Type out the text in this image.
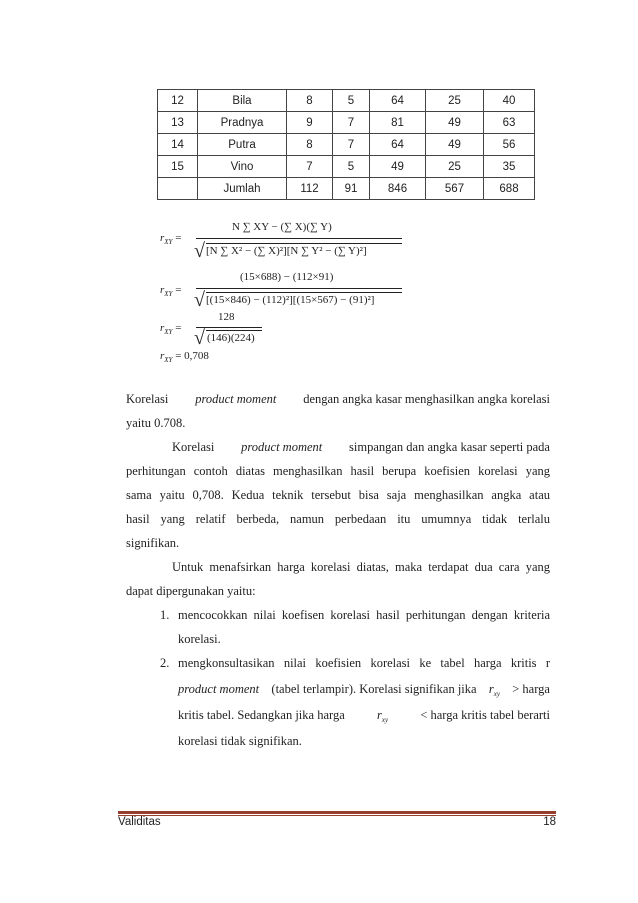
12	Bila	8	5	64	25	40
13	Pradnya	9	7	81	49	63
14	Putra	8	7	64	49	56
15	Vino	7	5	49	25	35
	Jumlah	112	91	846	567	688
$r_{XY}$ =
N ∑ XY − (∑ X)(∑ Y)
√ [N ∑ X² − (∑ X)²][N ∑ Y² − (∑ Y)²]
$r_{XY}$ =
(15×688) − (112×91)
√ [(15×846) − (112)²][(15×567) − (91)²]
$r_{XY}$ =
128
√ (146)(224)
$r_{XY} = 0,708$
Korelasi product moment dengan angka kasar menghasilkan angka korelasi
yaitu 0.708.
Korelasi product moment simpangan dan angka kasar seperti pada
perhitungan contoh diatas menghasilkan hasil berupa koefisien korelasi yang
sama yaitu 0,708. Kedua teknik tersebut bisa saja menghasilkan angka atau
hasil yang relatif berbeda, namun perbedaan itu umumnya tidak terlalu
signifikan.
Untuk menafsirkan harga korelasi diatas, maka terdapat dua cara yang
dapat dipergunakan yaitu:
1. mencocokkan nilai koefisen korelasi hasil perhitungan dengan kriteria
korelasi.
2. mengkonsultasikan nilai koefisien korelasi ke tabel harga kritis r
product moment (tabel terlampir). Korelasi signifikan jika $r_{xy}$ > harga
kritis tabel. Sedangkan jika harga	$r_{xy}$	< harga kritis tabel berarti
korelasi tidak signifikan.
Validitas	18
